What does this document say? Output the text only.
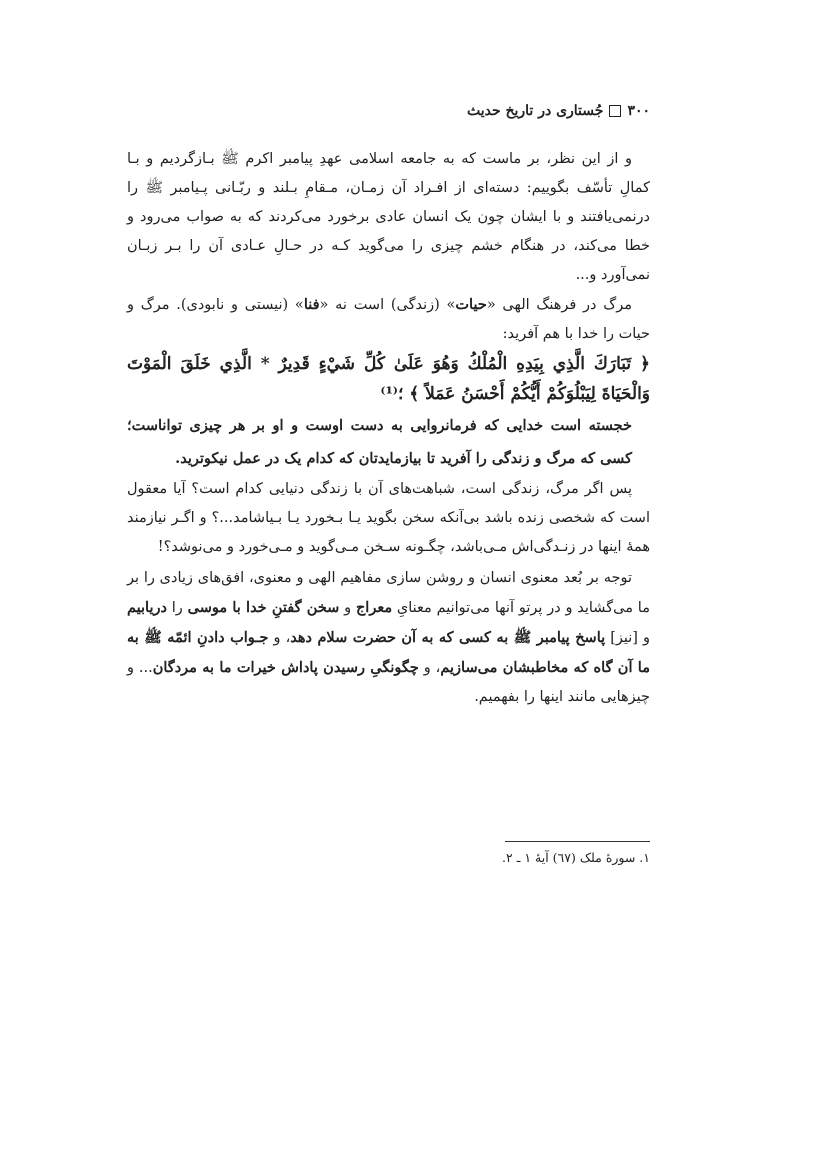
۳۰۰
جُستاری در تاریخ حدیث

و از این نظر، بر ماست که به جامعه اسلامی عهدِ پیامبر اکرم ﷺ بـازگردیم و بـا کمالِ تأسّف بگوییم: دسته‌ای از افـراد آن زمـان، مـقامِ بـلند و ربّـانی پـیامبر ﷺ را درنمی‌یافتند و با ایشان چون یک انسان عادی برخورد می‌کردند که به صواب می‌رود و خطا می‌کند، در هنگام خشم چیزی را می‌گوید کـه در حـالِ عـادی آن را بـر زبـان نمی‌آورد و...

مرگ در فرهنگ الهی «حیات» (زندگی) است نه «فنا» (نیستی و نابودی). مرگ و حیات را خدا با هم آفرید:

﴿ تَبَارَكَ الَّذِي بِيَدِهِ الْمُلْكُ وَهُوَ عَلَىٰ كُلِّ شَيْءٍ قَدِيرٌ * الَّذِي خَلَقَ الْمَوْتَ وَالْحَيَاةَ لِيَبْلُوَكُمْ أَيُّكُمْ أَحْسَنُ عَمَلاً ﴾ ؛⁽¹⁾

خجسته است خدایی که فرمانروایی به دست اوست و او بر هر چیزی تواناست؛ کسی که مرگ و زندگی را آفرید تا بیازمایدتان که کدام یک در عمل نیکوترید.

پس اگر مرگ، زندگی است، شباهت‌های آن با زندگی دنیایی کدام است؟ آیا معقول است که شخصی زنده باشد بی‌آنکه سخن بگوید یـا بـخورد یـا بـیاشامد...؟ و اگـر نیازمند همهٔ اینها در زنـدگی‌اش مـی‌باشد، چگـونه سـخن مـی‌گوید و مـی‌خورد و می‌نوشد؟!

توجه بر بُعد معنوی انسان و روشن سازی مفاهیم الهی و معنوی، افق‌های زیادی را بر ما می‌گشاید و در پرتو آنها می‌توانیم معنایِ معراج و سخن گفتنِ خدا با موسی را دریابیم و [نیز] پاسخ پیامبر ﷺ به کسی که به آن حضرت سلام دهد، و جـواب دادنِ ائمّه ﷺ به ما آن گاه که مخاطبشان می‌سازیم، و چگونگیِ رسیدن پاداش خیرات ما به مردگان... و چیزهایی مانند اینها را بفهمیم.

۱. سورهٔ ملک (٦٧) آیهٔ ۱ ـ ۲.
